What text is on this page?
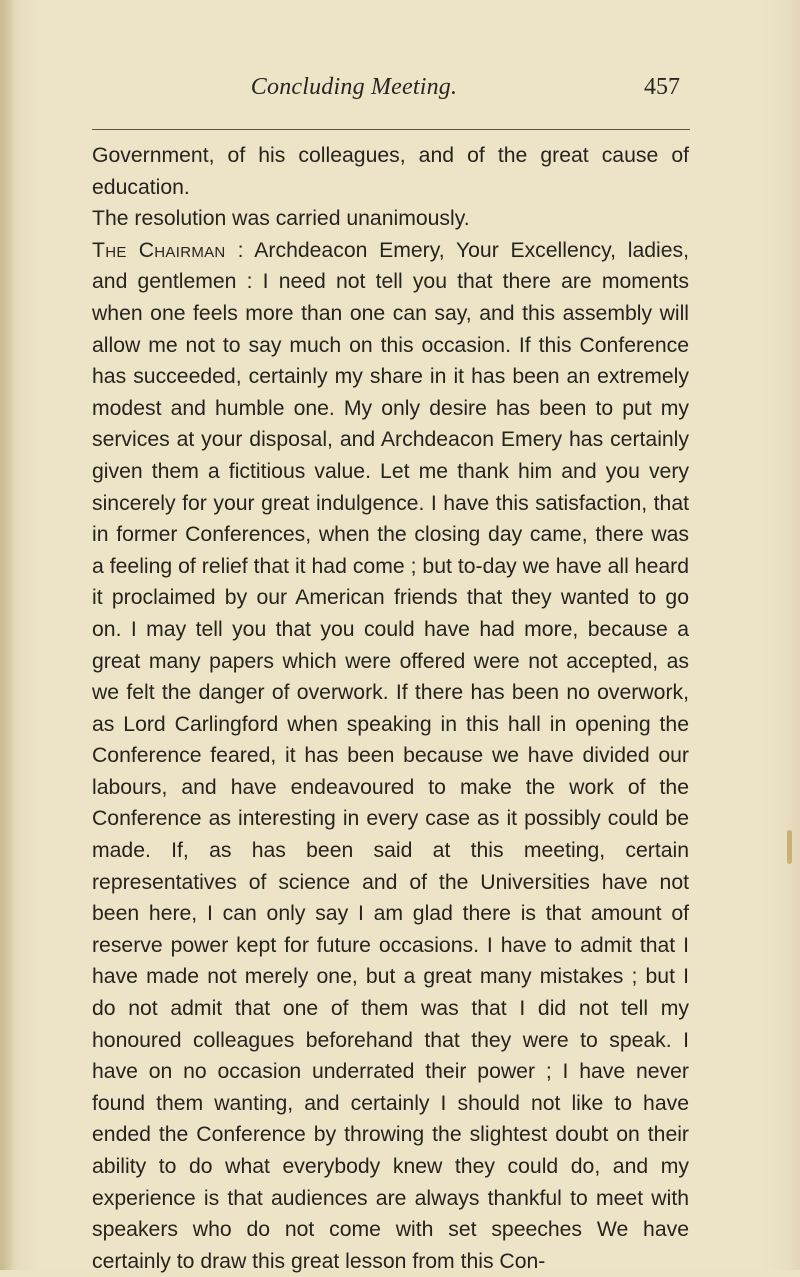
Concluding Meeting.	457

Government, of his colleagues, and of the great cause of education.

The resolution was carried unanimously.

The Chairman : Archdeacon Emery, Your Excellency, ladies, and gentlemen : I need not tell you that there are moments when one feels more than one can say, and this assembly will allow me not to say much on this occasion. If this Conference has succeeded, certainly my share in it has been an extremely modest and humble one. My only desire has been to put my services at your disposal, and Archdeacon Emery has certainly given them a fictitious value. Let me thank him and you very sincerely for your great indulgence. I have this satisfaction, that in former Conferences, when the closing day came, there was a feeling of relief that it had come ; but to-day we have all heard it proclaimed by our American friends that they wanted to go on. I may tell you that you could have had more, because a great many papers which were offered were not accepted, as we felt the danger of overwork. If there has been no overwork, as Lord Carlingford when speaking in this hall in opening the Conference feared, it has been because we have divided our labours, and have endeavoured to make the work of the Conference as interesting in every case as it possibly could be made. If, as has been said at this meeting, certain representatives of science and of the Universities have not been here, I can only say I am glad there is that amount of reserve power kept for future occasions. I have to admit that I have made not merely one, but a great many mistakes ; but I do not admit that one of them was that I did not tell my honoured colleagues beforehand that they were to speak. I have on no occasion underrated their power ; I have never found them wanting, and certainly I should not like to have ended the Conference by throwing the slightest doubt on their ability to do what everybody knew they could do, and my experience is that audiences are always thankful to meet with speakers who do not come with set speeches We have certainly to draw this great lesson from this Con-
